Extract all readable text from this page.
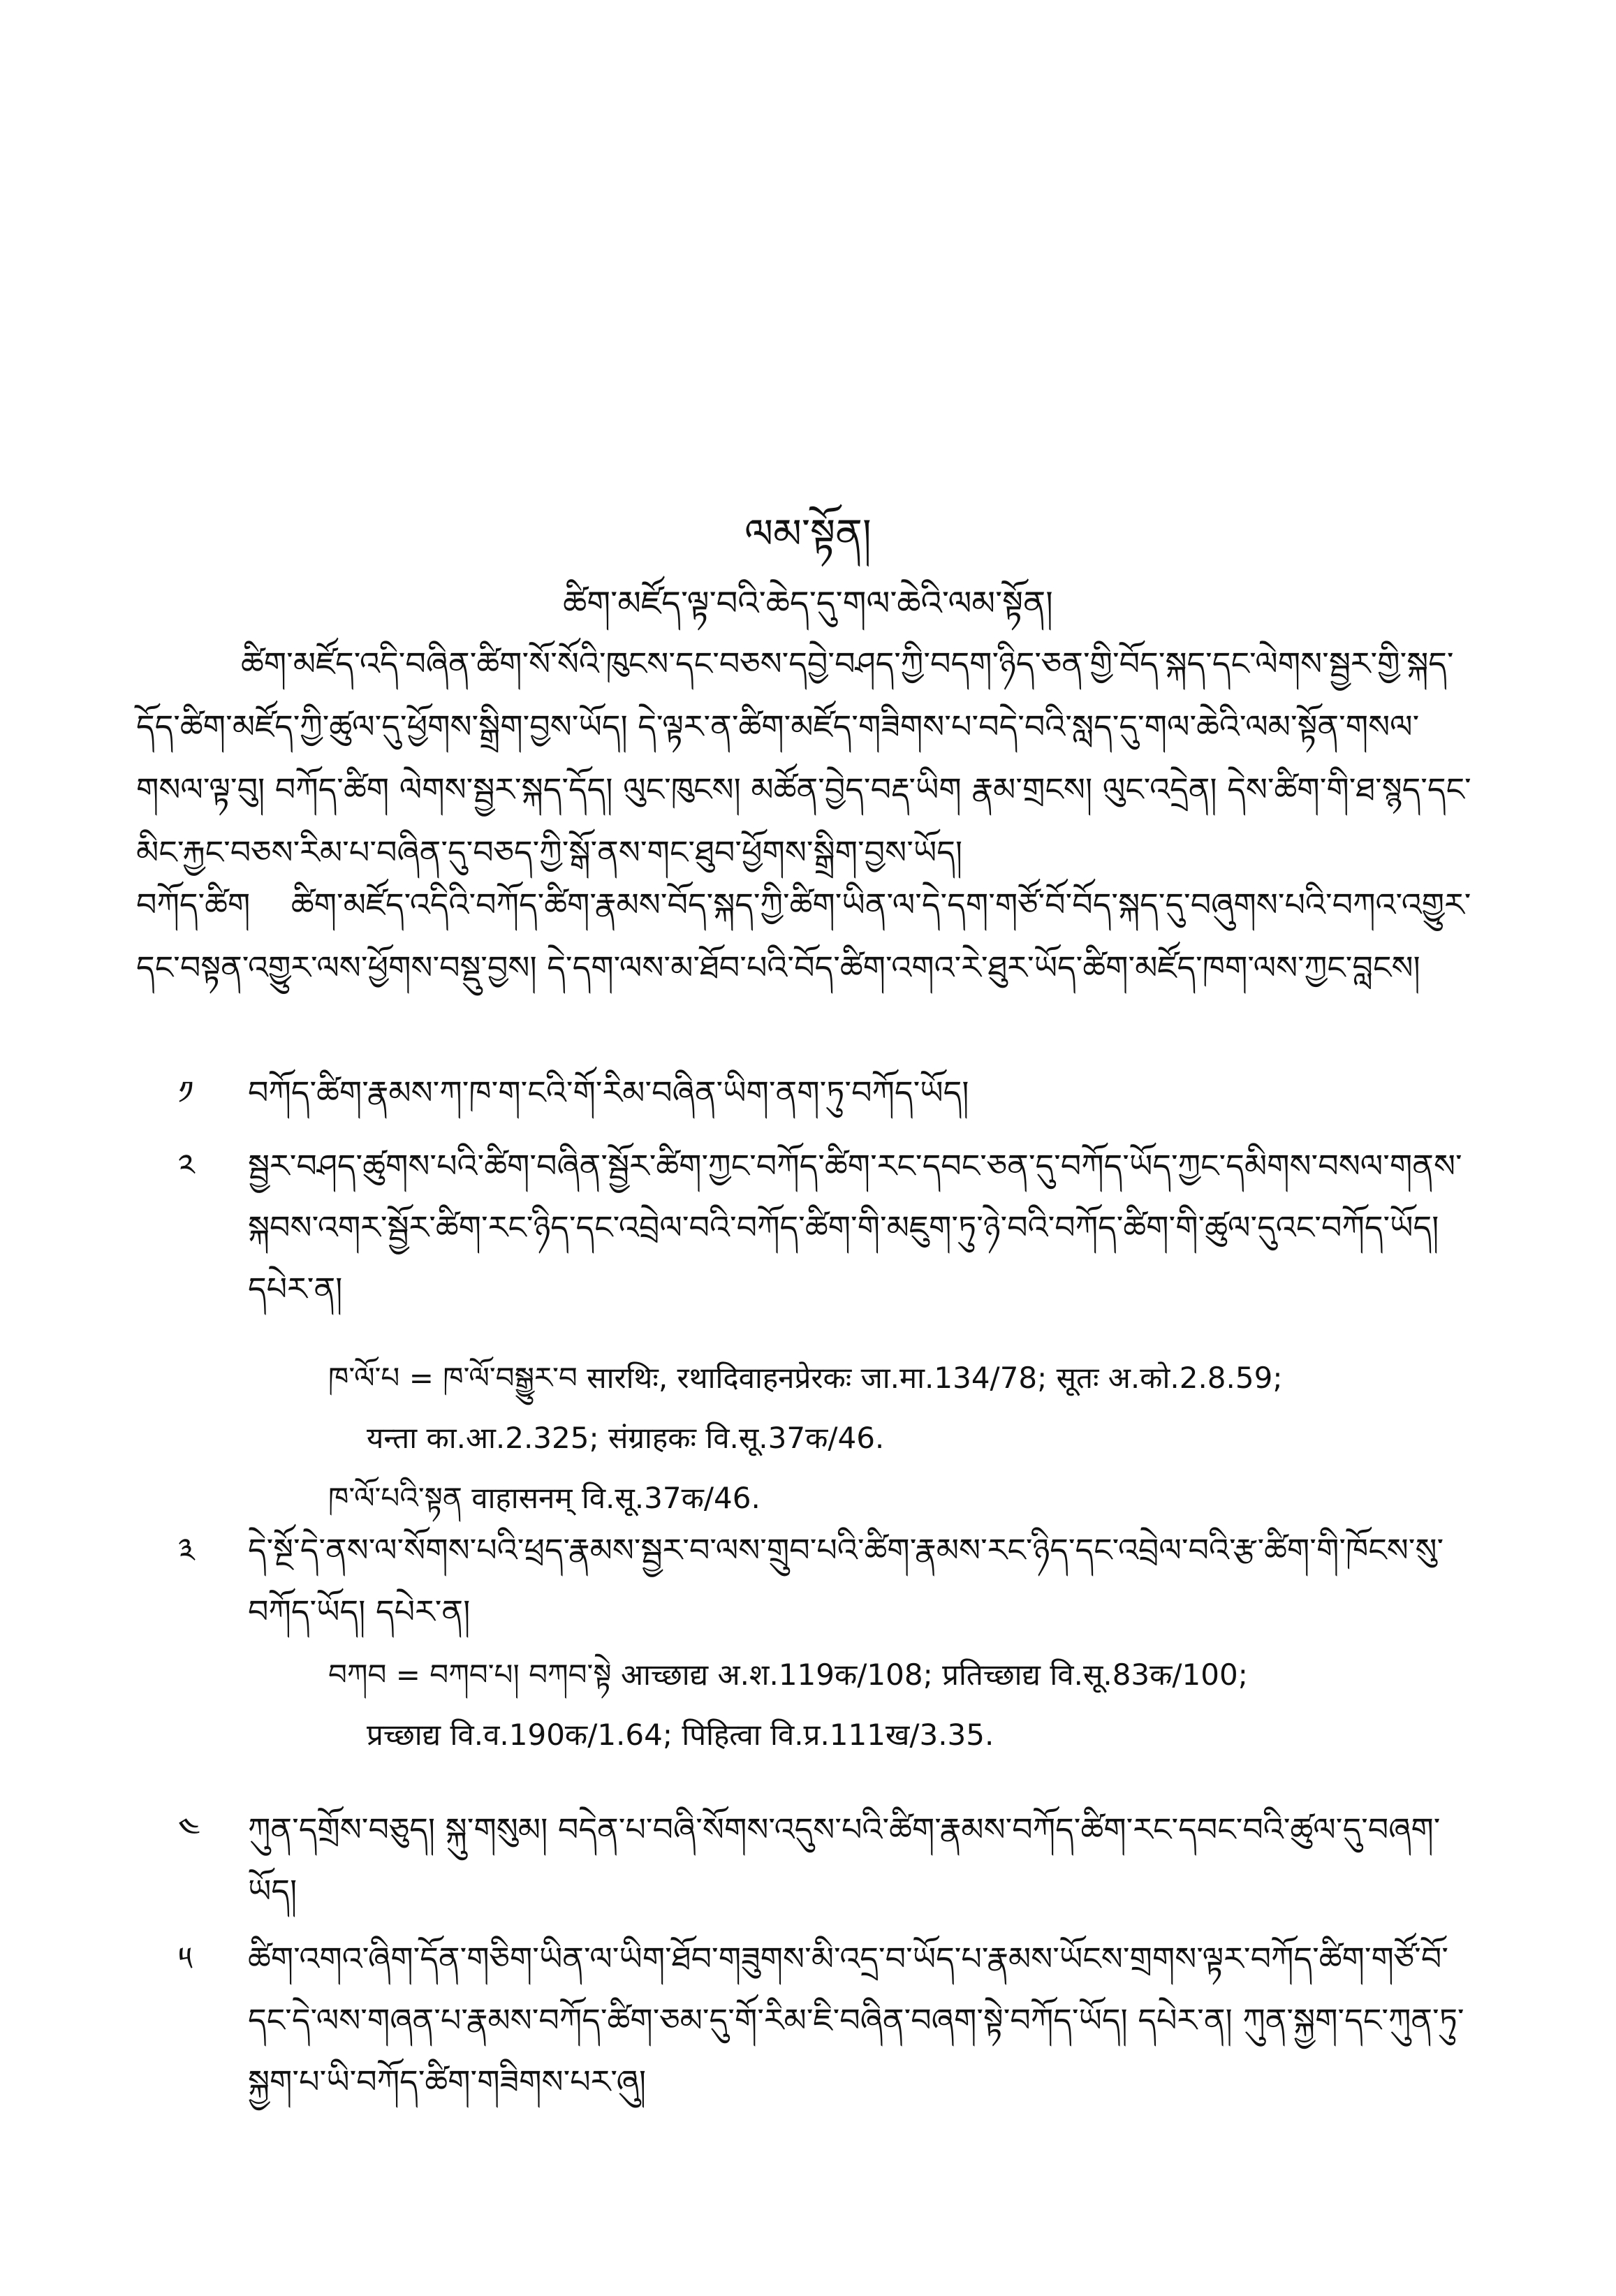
ལམ་སྟོན།
ཚིག་མཛོད་ལྟ་བའི་ཆེད་དུ་གལ་ཆེའི་ལམ་སྟོན།
ཚིག་མཛོད་འདི་བཞིན་ཚིག་སོ་སོའི་ཁུངས་དང་བཅས་དབྱེ་བཤད་ཀྱི་བདག་ཉིད་ཅན་གྱི་བོད་སྐད་དང་ལེགས་སྦྱར་གྱི་སྐད་དོད་ཚིག་མཛོད་ཀྱི་ཚུལ་དུ་ཕྱོགས་སྒྲིག་བྱས་ཡོད། དེ་ལྟར་ན་ཚིག་མཛོད་གཟིགས་པ་བདེ་བའི་སླད་དུ་གལ་ཆེའི་ལམ་སྟོན་གསལ་གསལ་ལྟ་བུ། བཀོད་ཚིག ལེགས་སྦྱར་སྐད་དོད། ལུང་ཁུངས། མཚོན་བྱེད་བརྡ་ཡིག རྣམ་གྲངས། ལུང་འདྲེན། དེས་ཚིག་གི་ཐ་སྙད་དང་མིང་རྐྱང་བཅས་རིམ་པ་བཞིན་དུ་བཅད་ཀྱི་སྒོ་ནས་གང་ཐུབ་ཕྱོགས་སྒྲིག་བྱས་ཡོད།
བཀོད་ཚིག ཚིག་མཛོད་འདིའི་བཀོད་ཚིག་རྣམས་བོད་སྐད་ཀྱི་ཚིག་ཡིན་ལ་དེ་དག་གཙོ་བོ་བོད་སྐད་དུ་བཞུགས་པའི་བཀའ་འགྱུར་དང་བསྟན་འགྱུར་ལས་ཕྱོགས་བསྡུ་བྱས། དེ་དག་ལས་མ་ཐོབ་པའི་བོད་ཚིག་འགའ་རེ་ཐུར་ཡོད་ཚིག་མཛོད་ཁག་ལས་ཀྱང་བླངས།
༡	བཀོད་ཚིག་རྣམས་ཀ་ཁ་ག་ངའི་གོ་རིམ་བཞིན་ཡིག་ནག་ཏུ་བཀོད་ཡོད།
༢	སྦྱར་བཤད་ཚུགས་པའི་ཚིག་བཞིན་སྦྱོར་ཚིག་ཀྱང་བཀོད་ཚིག་རང་དབང་ཅན་དུ་བཀོད་ཡོད་ཀྱང་དམིགས་བསལ་གནས་སྐབས་འགར་སྦྱོར་ཚིག་རང་ཉིད་དང་འབྲེལ་བའི་བཀོད་ཚིག་གི་མཇུག་ཏུ་ཉེ་བའི་བཀོད་ཚིག་གི་ཚུལ་དུའང་བཀོད་ཡོད། དཔེར་ན།
ཁ་ལོ་པ = ཁ་ལོ་བསྒྱུར་བ सारथिः, रथादिवाहनप्रेरकः जा.मा.134/78; सूतः अ.को.2.8.59;
यन्ता का.आ.2.325; संग्राहकः वि.सू.37क/46.
ཁ་ལོ་པའི་སྟན वाहासनम् वि.सू.37क/46.
༣	དེ་སྔོ་དེ་ནས་ལ་སོགས་པའི་ཕྲད་རྣམས་སྦྱར་བ་ལས་གྲུབ་པའི་ཚིག་རྣམས་རང་ཉིད་དང་འབྲེལ་བའི་རྩ་ཚིག་གི་ཁོངས་སུ་བཀོད་ཡོད། དཔེར་ན།
བཀབ = བཀབ་པ། བཀབ་སྟེ आच्छाद्य अ.श.119क/108; प्रतिच्छाद्य वि.सू.83क/100;
प्रच्छाद्य वि.व.190क/1.64; पिहित्वा वि.प्र.111ख/3.35.
༤	ཀུན་དགྲོས་བཅུད། སྐུ་གསུམ། བདེན་པ་བཞི་སོགས་འདུས་པའི་ཚིག་རྣམས་བཀོད་ཚིག་རང་དབང་བའི་ཚུལ་དུ་བཞག་ཡོད།
༥	ཚིག་འགའ་ཞིག་དོན་གཅིག་ཡིན་ལ་ཡིག་ཐོབ་གཟུགས་མི་འདྲ་བ་ཡོད་པ་རྣམས་ཡོངས་གྲགས་ལྟར་བཀོད་ཚིག་གཙོ་བོ་དང་དེ་ལས་གཞན་པ་རྣམས་བཀོད་ཚིག་ཅམ་དུ་གོ་རིམ་ཇི་བཞིན་བཞག་སྟེ་བཀོད་ཡོད། དཔེར་ན། ཀུན་སྐྱག་དང་ཀུན་ཏུ་སྐྱག་པ་ཡི་བཀོད་ཚིག་གཟིགས་པར་ཞུ།
